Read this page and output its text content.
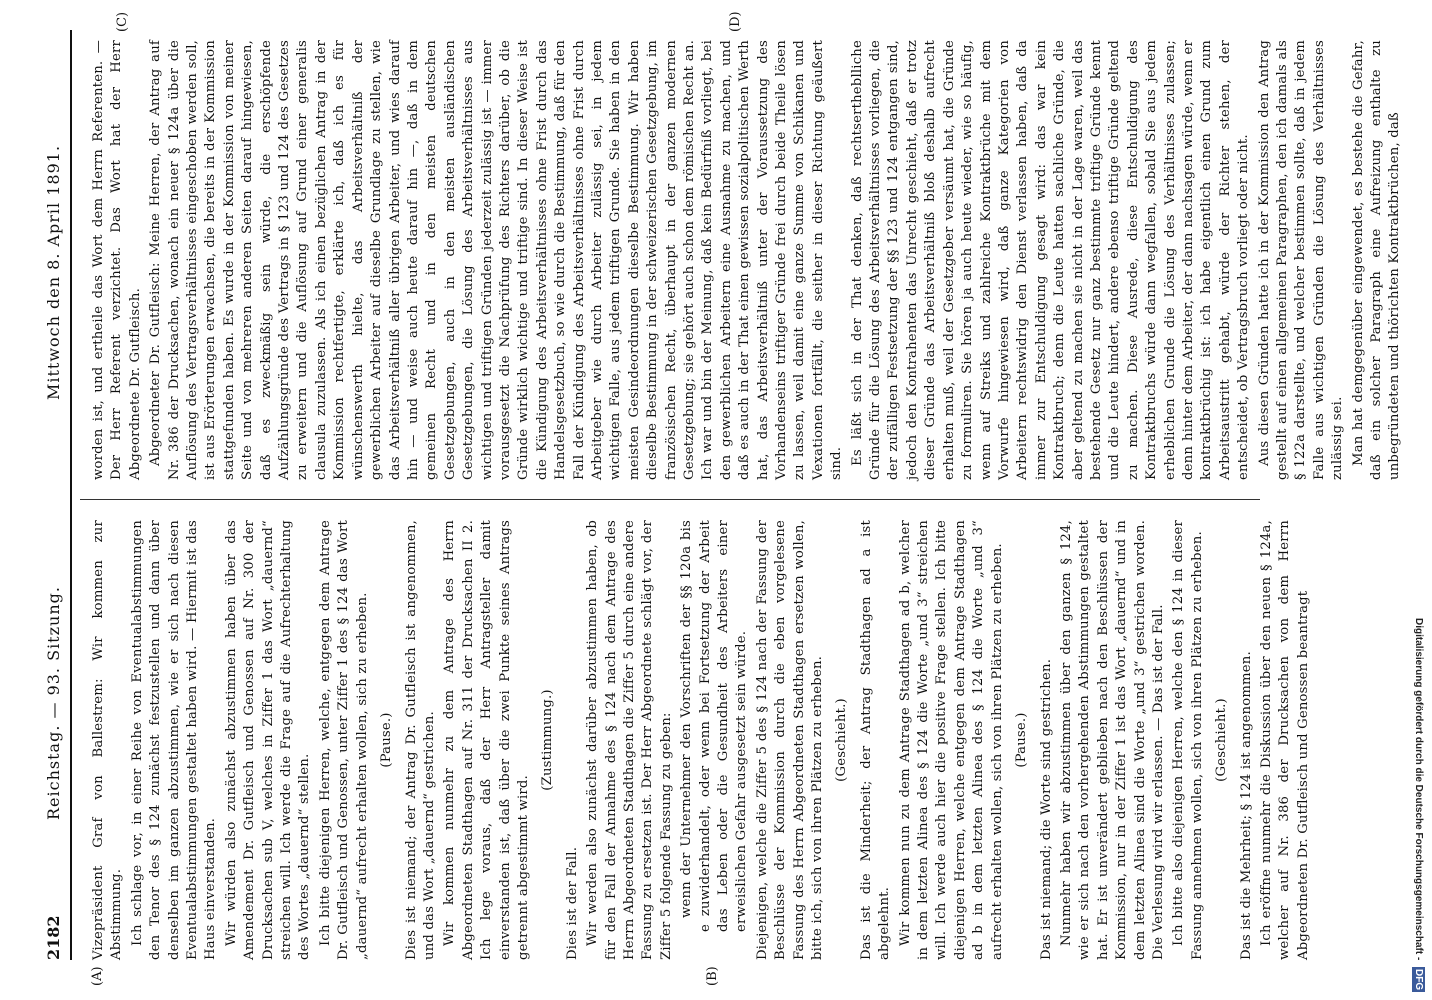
2182
Reichstag. — 93. Sitzung.
Mittwoch den 8. April 1891.
(A)	(B)
(C)	(D)

Vizepräsident Graf von Ballestrem: Wir kommen zur Abstimmung. Ich schlage vor, in einer Reihe von Eventualabstimmungen den Tenor des § 124 zunächst festzustellen und dann über denselben im ganzen abzustimmen, wie er sich nach diesen Eventualabstimmungen gestaltet haben wird. — Hiermit ist das Haus einverstanden. Wir würden also zunächst abzustimmen haben über das Amendement Dr. Gutfleisch und Genossen auf Nr. 300 der Drucksachen sub V, welches in Ziffer 1 das Wort „dauernd“ streichen will. Ich werde die Frage auf die Aufrechterhaltung des Wortes „dauernd“ stellen. Ich bitte diejenigen Herren, welche, entgegen dem Antrage Dr. Gutfleisch und Genossen, unter Ziffer 1 des § 124 das Wort „dauernd“ aufrecht erhalten wollen, sich zu erheben. (Pause.) Dies ist niemand; der Antrag Dr. Gutfleisch ist angenommen, und das Wort „dauernd“ gestrichen. Wir kommen nunmehr zu dem Antrage des Herrn Abgeordneten Stadthagen auf Nr. 311 der Drucksachen II 2. Ich lege voraus, daß der Herr Antragsteller damit einverstanden ist, daß über die zwei Punkte seines Antrags getrennt abgestimmt wird.

(Zustimmung.)

Dies ist der Fall. Wir werden also zunächst darüber abzustimmen haben, ob für den Fall der Annahme des § 124 nach dem Antrage des Herrn Abgeordneten Stadthagen die Ziffer 5 durch eine andere Fassung zu ersetzen ist. Der Herr Abgeordnete schlägt vor, der Ziffer 5 folgende Fassung zu geben: wenn der Unternehmer den Vorschriften der §§ 120a bis e zuwiderhandelt, oder wenn bei Fortsetzung der Arbeit das Leben oder die Gesundheit des Arbeiters einer erweislichen Gefahr ausgesetzt sein würde. Diejenigen, welche die Ziffer 5 des § 124 nach der Fassung der Beschlüsse der Kommission durch die eben vorgelesene Fassung des Herrn Abgeordneten Stadthagen ersetzen wollen, bitte ich, sich von ihren Plätzen zu erheben. (Geschieht.) Das ist die Minderheit; der Antrag Stadthagen ad a ist abgelehnt. Wir kommen nun zu dem Antrage Stadthagen ad b, welcher in dem letzten Alinea des § 124 die Worte „und 3“ streichen will. Ich werde auch hier die positive Frage stellen. Ich bitte diejenigen Herren, welche entgegen dem Antrage Stadthagen ad b in dem letzten Alinea des § 124 die Worte „und 3“ aufrecht erhalten wollen, sich von ihren Plätzen zu erheben. (Pause.) Das ist niemand; die Worte sind gestrichen. Nunmehr haben wir abzustimmen über den ganzen § 124, wie er sich nach den vorhergehenden Abstimmungen gestaltet hat. Er ist unverändert geblieben nach den Beschlüssen der Kommission, nur in der Ziffer 1 ist das Wort „dauernd“ und in dem letzten Alinea sind die Worte „und 3“ gestrichen worden. Die Verlesung wird wir erlassen. — Das ist der Fall. Ich bitte also diejenigen Herren, welche den § 124 in dieser Fassung annehmen wollen, sich von ihren Plätzen zu erheben. (Geschieht.) Das ist die Mehrheit; § 124 ist angenommen. Ich eröffne nunmehr die Diskussion über den neuen § 124a, welcher auf Nr. 386 der Drucksachen von dem Herrn Abgeordneten Dr. Gutfleisch und Genossen beantragt

worden ist, und ertheile das Wort dem Herrn Referenten. — Der Herr Referent verzichtet. Das Wort hat der Herr Abgeordnete Dr. Gutfleisch. Abgeordneter Dr. Gutfleisch: Meine Herren, der Antrag auf Nr. 386 der Drucksachen, wonach ein neuer § 124a über die Auflösung des Vertragsverhältnisses eingeschoben werden soll, ist aus Erörterungen erwachsen, die bereits in der Kommission stattgefunden haben. Es wurde in der Kommission von meiner Seite und von mehreren anderen Seiten darauf hingewiesen, daß es zweckmäßig sein würde, die erschöpfende Aufzählungsgründe des Vertrags in § 123 und 124 des Gesetzes zu erweitern und die Auflösung auf Grund einer generalis clausula zuzulassen. Als ich einen bezüglichen Antrag in der Kommission rechtfertigte, erklärte ich, daß ich es für wünschenswerth hielte, das Arbeitsverhältniß der gewerblichen Arbeiter auf dieselbe Grundlage zu stellen, wie das Arbeitsverhältniß aller übrigen Arbeiter, und wies darauf hin — und weise auch heute darauf hin —, daß in dem gemeinen Recht und in den meisten deutschen Gesetzgebungen, auch in den meisten ausländischen Gesetzgebungen, die Lösung des Arbeitsverhältnisses aus wichtigen und triftigen Gründen jederzeit zulässig ist — immer vorausgesetzt die Nachprüfung des Richters darüber, ob die Gründe wirklich wichtige und triftige sind. In dieser Weise ist die Kündigung des Arbeitsverhältnisses ohne Frist durch das Handelsgesetzbuch, so wie durch die Bestimmung, daß für den Fall der Kündigung des Arbeitsverhältnisses ohne Frist durch Arbeitgeber wie durch Arbeiter zulässig sei, in jedem wichtigen Falle, aus jedem triftigen Grunde. Sie haben in den meisten Gesindeordnungen dieselbe Bestimmung. Wir haben dieselbe Bestimmung in der schweizerischen Gesetzgebung, im französischen Recht, überhaupt in der ganzen modernen Gesetzgebung; sie gehört auch schon dem römischen Recht an. Ich war und bin der Meinung, daß kein Bedürfniß vorliegt, bei den gewerblichen Arbeitern eine Ausnahme zu machen, und daß es auch in der That einen gewissen sozialpolitischen Werth hat, das Arbeitsverhältniß unter der Voraussetzung des Vorhandenseins triftiger Gründe frei durch beide Theile lösen zu lassen, weil damit eine ganze Summe von Schikanen und Vexationen fortfällt, die seither in dieser Richtung geäußert sind. Es läßt sich in der That denken, daß rechtsertheblliche Gründe für die Lösung des Arbeitsverhältnisses vorliegen, die der zufälligen Festsetzung der §§ 123 und 124 entgangen sind, jedoch den Kontrahenten das Unrecht geschieht, daß er trotz dieser Gründe das Arbeitsverhältniß bloß deshalb aufrecht erhalten muß, weil der Gesetzgeber versäumt hat, die Gründe zu formuliren. Sie hören ja auch heute wieder, wie so häufig, wenn auf Streiks und zahlreiche Kontraktbrüche mit dem Vorwurfe hingewiesen wird, daß ganze Kategorien von Arbeitern rechtswidrig den Dienst verlassen haben, daß da immer zur Entschuldigung gesagt wird: das war kein Kontraktbruch; denn die Leute hatten sachliche Gründe, die aber geltend zu machen sie nicht in der Lage waren, weil das bestehende Gesetz nur ganz bestimmte triftige Gründe kennt und die Leute hindert, andere ebenso triftige Gründe geltend zu machen. Diese Ausrede, diese Entschuldigung des Kontraktbruchs würde dann wegfallen, sobald Sie aus jedem erheblichen Grunde die Lösung des Verhältnisses zulassen; denn hinter dem Arbeiter, der dann nachsagen würde, wenn er kontraktbrüchig ist: ich habe eigentlich einen Grund zum Arbeitsaustritt gehabt, würde der Richter stehen, der entscheidet, ob Vertragsbruch vorliegt oder nicht. Aus diesen Gründen hatte ich in der Kommission den Antrag gestellt auf einen allgemeinen Paragraphen, den ich damals als § 122a darstellte, und welcher bestimmen sollte, daß in jedem Falle aus wichtigen Gründen die Lösung des Verhältnisses zulässig sei. Man hat demgegenüber eingewendet, es bestehe die Gefahr, daß ein solcher Paragraph eine Aufreizung enthalte zu unbegründeten und thörichten Kontraktbrüchen, daß

Digitalisierung gefördert durch die Deutsche Forschungsgemeinschaft - DFG
